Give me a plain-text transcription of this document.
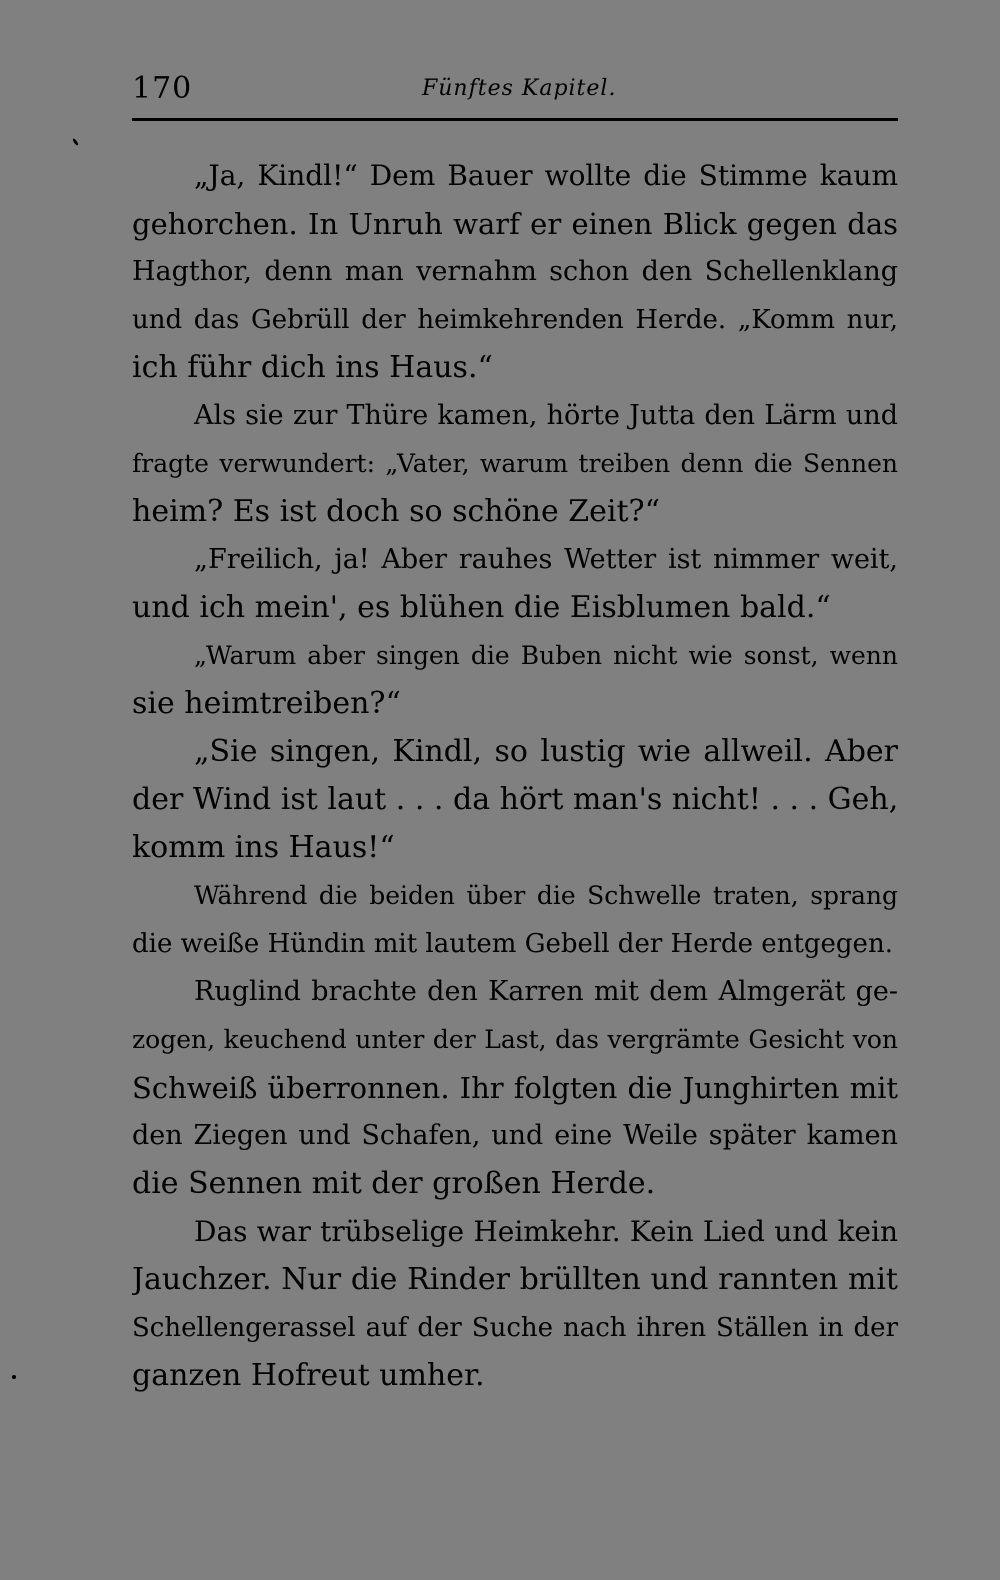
170	Fünftes Kapitel.
„Ja, Kindl!“ Dem Bauer wollte die Stimme kaum
gehorchen. In Unruh warf er einen Blick gegen das
Hagthor, denn man vernahm schon den Schellenklang
und das Gebrüll der heimkehrenden Herde. „Komm nur,
ich führ dich ins Haus.“
Als sie zur Thüre kamen, hörte Jutta den Lärm und
fragte verwundert: „Vater, warum treiben denn die Sennen
heim? Es ist doch so schöne Zeit?“
„Freilich, ja! Aber rauhes Wetter ist nimmer weit,
und ich mein', es blühen die Eisblumen bald.“
„Warum aber singen die Buben nicht wie sonst, wenn
sie heimtreiben?“
„Sie singen, Kindl, so lustig wie allweil. Aber
der Wind ist laut . . . da hört man's nicht! . . . Geh,
komm ins Haus!“
Während die beiden über die Schwelle traten, sprang
die weiße Hündin mit lautem Gebell der Herde entgegen.
Ruglind brachte den Karren mit dem Almgerät ge-
zogen, keuchend unter der Last, das vergrämte Gesicht von
Schweiß überronnen. Ihr folgten die Junghirten mit
den Ziegen und Schafen, und eine Weile später kamen
die Sennen mit der großen Herde.
Das war trübselige Heimkehr. Kein Lied und kein
Jauchzer. Nur die Rinder brüllten und rannten mit
Schellengerassel auf der Suche nach ihren Ställen in der
ganzen Hofreut umher.
